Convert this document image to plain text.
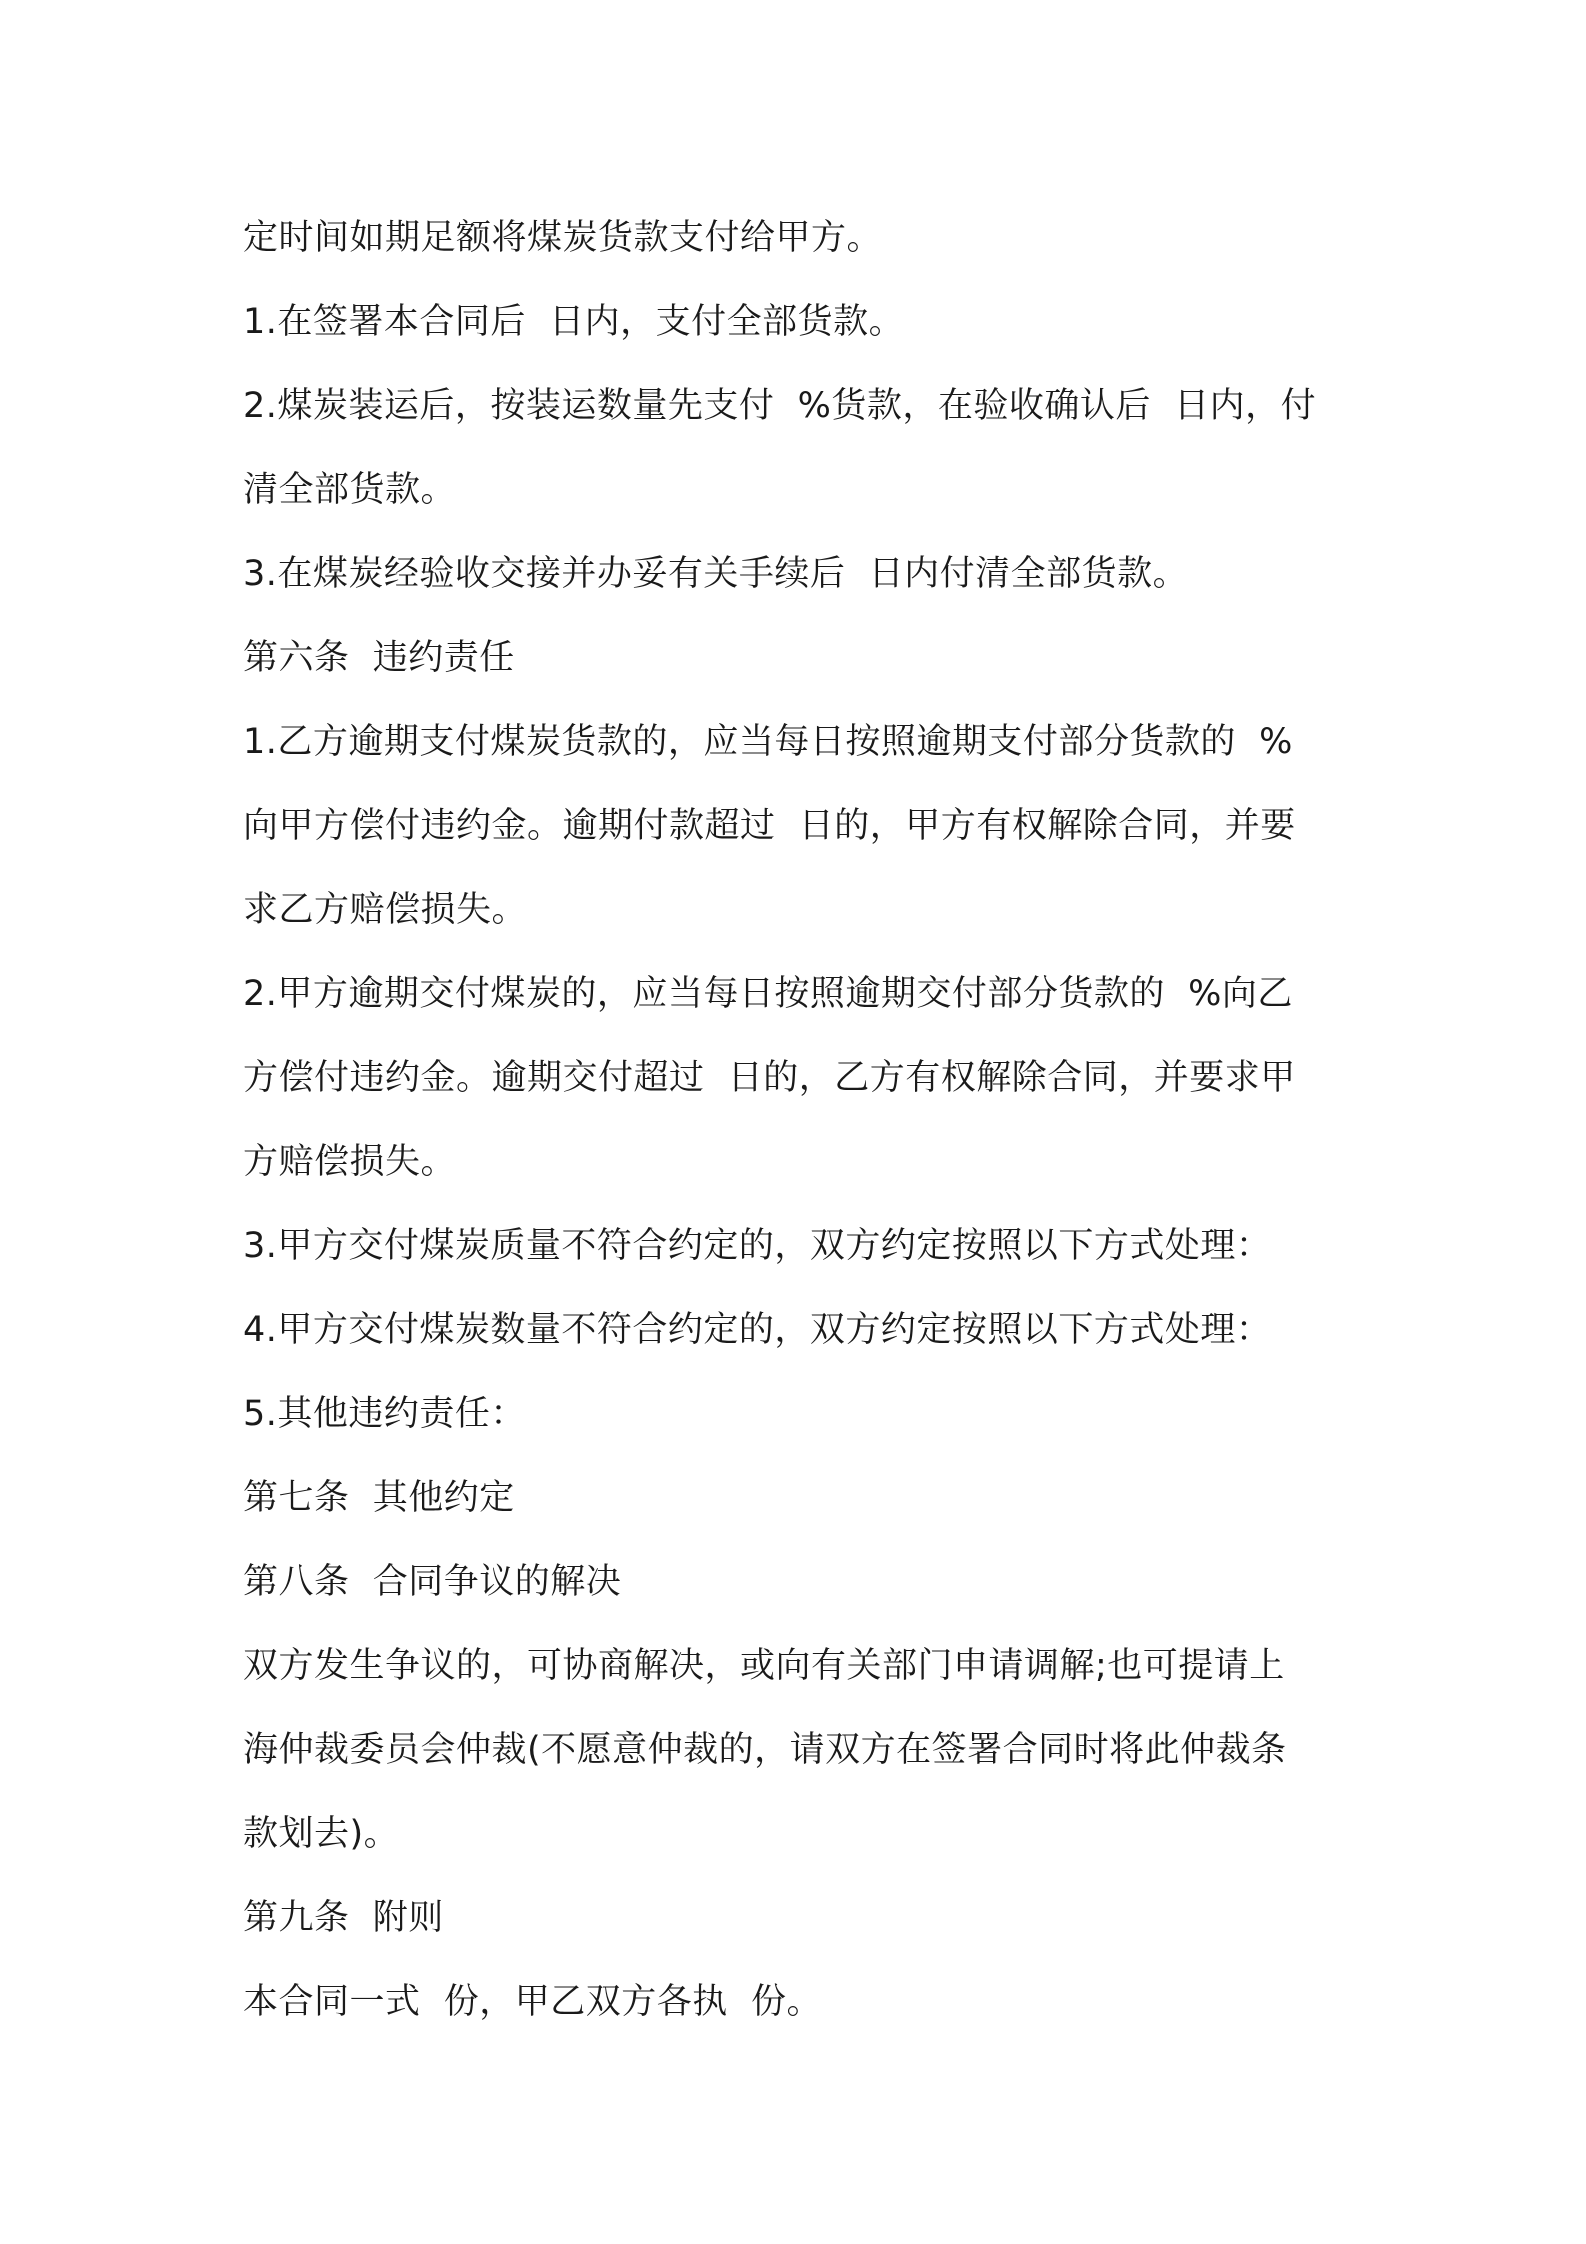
定时间如期足额将煤炭货款支付给甲方。
1.在签署本合同后  日内，支付全部货款。
2.煤炭装运后，按装运数量先支付  %货款，在验收确认后  日内，付
清全部货款。
3.在煤炭经验收交接并办妥有关手续后  日内付清全部货款。
第六条  违约责任
1.乙方逾期支付煤炭货款的，应当每日按照逾期支付部分货款的  %
向甲方偿付违约金。逾期付款超过  日的，甲方有权解除合同，并要
求乙方赔偿损失。
2.甲方逾期交付煤炭的，应当每日按照逾期交付部分货款的  %向乙
方偿付违约金。逾期交付超过  日的，乙方有权解除合同，并要求甲
方赔偿损失。
3.甲方交付煤炭质量不符合约定的，双方约定按照以下方式处理：
4.甲方交付煤炭数量不符合约定的，双方约定按照以下方式处理：
5.其他违约责任：
第七条  其他约定
第八条  合同争议的解决
双方发生争议的，可协商解决，或向有关部门申请调解;也可提请上
海仲裁委员会仲裁(不愿意仲裁的，请双方在签署合同时将此仲裁条
款划去)。
第九条  附则
本合同一式  份，甲乙双方各执  份。
